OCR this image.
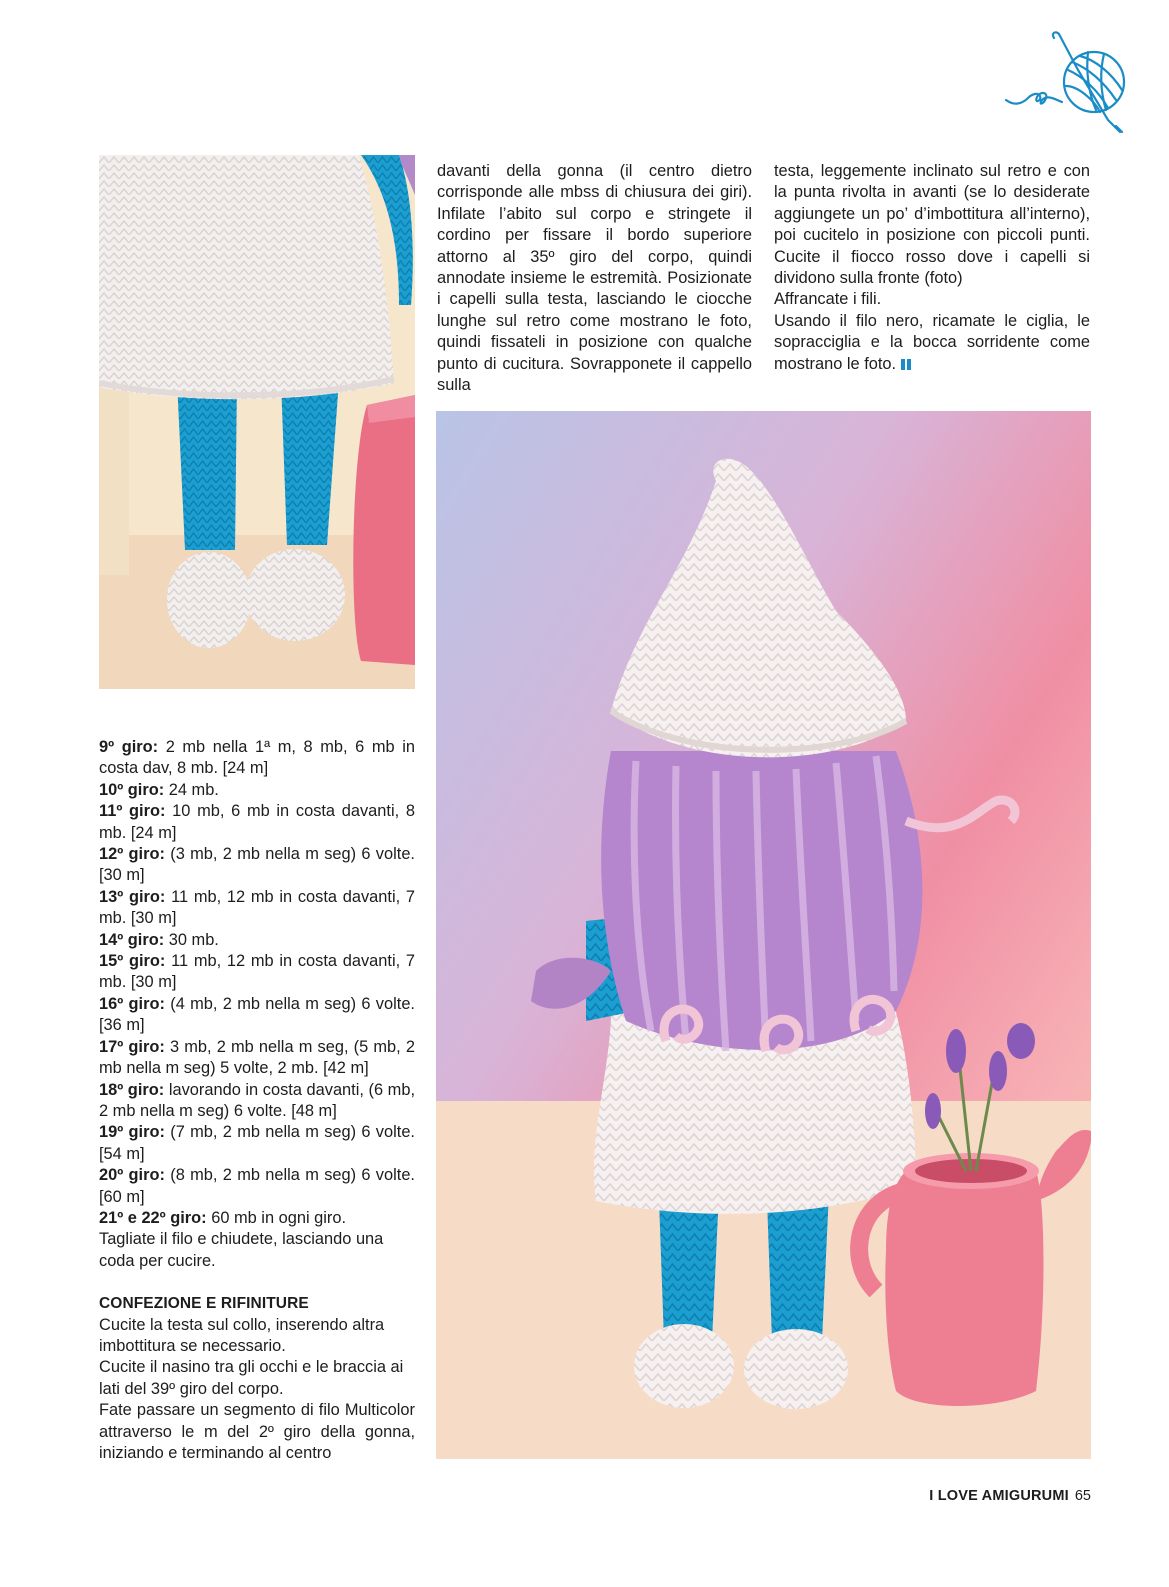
davanti della gonna (il centro dietro corrisponde alle mbss di chiusura dei giri). Infilate l’abito sul corpo e stringete il cordino per fissare il bordo superiore attorno al 35º giro del corpo, quindi annodate insieme le estremità. Posizionate i capelli sulla testa, lasciando le ciocche lunghe sul retro come mostrano le foto, quindi fissateli in posizione con qualche punto di cucitura. Sovrapponete il cappello sulla

testa, leggemente inclinato sul retro e con la punta rivolta in avanti (se lo desiderate aggiungete un po’ d’imbottitura all’interno), poi cucitelo in posizione con piccoli punti. Cucite il fiocco rosso dove i capelli si dividono sulla fronte (foto)

Affrancate i fili.

Usando il filo nero, ricamate le ciglia, le sopracciglia e la bocca sorridente come mostrano le foto.

9º giro: 2 mb nella 1ª m, 8 mb, 6 mb in costa dav, 8 mb. [24 m]

10º giro: 24 mb.

11º giro: 10 mb, 6 mb in costa davanti, 8 mb. [24 m]

12º giro: (3 mb, 2 mb nella m seg) 6 volte. [30 m]

13º giro: 11 mb, 12 mb in costa davanti, 7 mb. [30 m]

14º giro: 30 mb.

15º giro: 11 mb, 12 mb in costa davanti, 7 mb. [30 m]

16º giro: (4 mb, 2 mb nella m seg) 6 volte. [36 m]

17º giro: 3 mb, 2 mb nella m seg, (5 mb, 2 mb nella m seg) 5 volte, 2 mb. [42 m]

18º giro: lavorando in costa davanti, (6 mb, 2 mb nella m seg) 6 volte. [48 m]

19º giro: (7 mb, 2 mb nella m seg) 6 volte. [54 m]

20º giro: (8 mb, 2 mb nella m seg) 6 volte. [60 m]

21º e 22º giro: 60 mb in ogni giro.

Tagliate il filo e chiudete, lasciando una coda per cucire.

CONFEZIONE E RIFINITURE

Cucite la testa sul collo, inserendo altra imbottitura se necessario.

Cucite il nasino tra gli occhi e le braccia ai lati del 39º giro del corpo.

Fate passare un segmento di filo Multicolor attraverso le m del 2º giro della gonna, iniziando e terminando al centro

I LOVE AMIGURUMI 65
